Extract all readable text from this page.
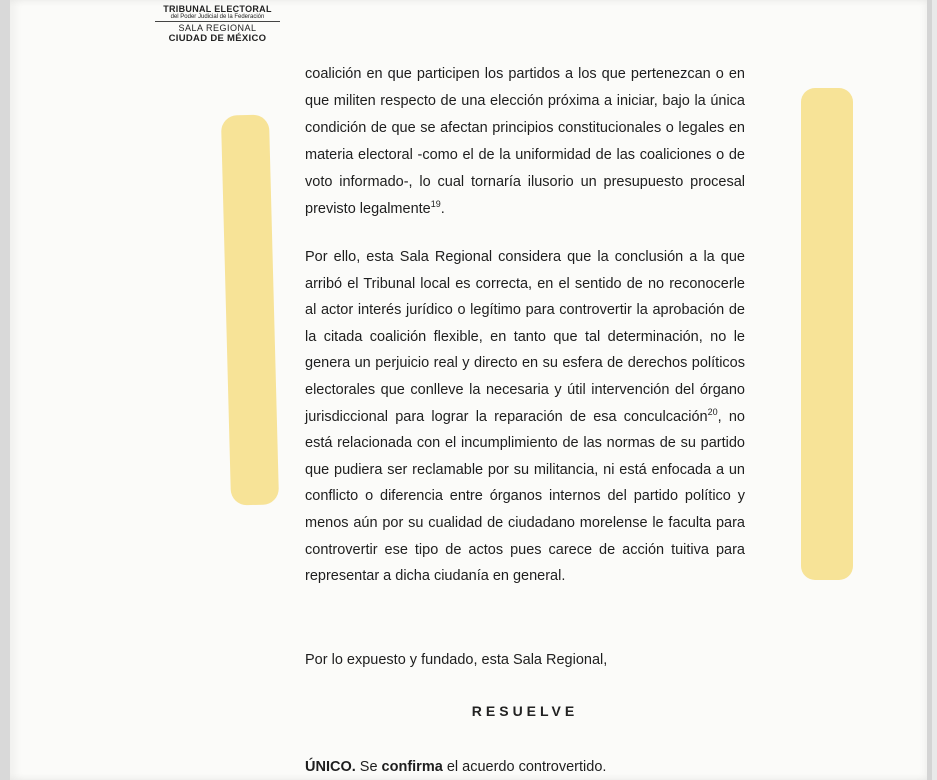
TRIBUNAL ELECTORAL
del Poder Judicial de la Federación
SALA REGIONAL
CIUDAD DE MÉXICO
coalición en que participen los partidos a los que pertenezcan o en que militen respecto de una elección próxima a iniciar, bajo la única condición de que se afectan principios constitucionales o legales en materia electoral -como el de la uniformidad de las coaliciones o de voto informado-, lo cual tornaría ilusorio un presupuesto procesal previsto legalmente$^{19}$.
Por ello, esta Sala Regional considera que la conclusión a la que arribó el Tribunal local es correcta, en el sentido de no reconocerle al actor interés jurídico o legítimo para controvertir la aprobación de la citada coalición flexible, en tanto que tal determinación, no le genera un perjuicio real y directo en su esfera de derechos políticos electorales que conlleve la necesaria y útil intervención del órgano jurisdiccional para lograr la reparación de esa conculcación$^{20}$, no está relacionada con el incumplimiento de las normas de su partido que pudiera ser reclamable por su militancia, ni está enfocada a un conflicto o diferencia entre órganos internos del partido político y menos aún por su cualidad de ciudadano morelense le faculta para controvertir ese tipo de actos pues carece de acción tuitiva para representar a dicha ciudanía en general.
Por lo expuesto y fundado, esta Sala Regional,
RESUELVE
ÚNICO. Se confirma el acuerdo controvertido.
